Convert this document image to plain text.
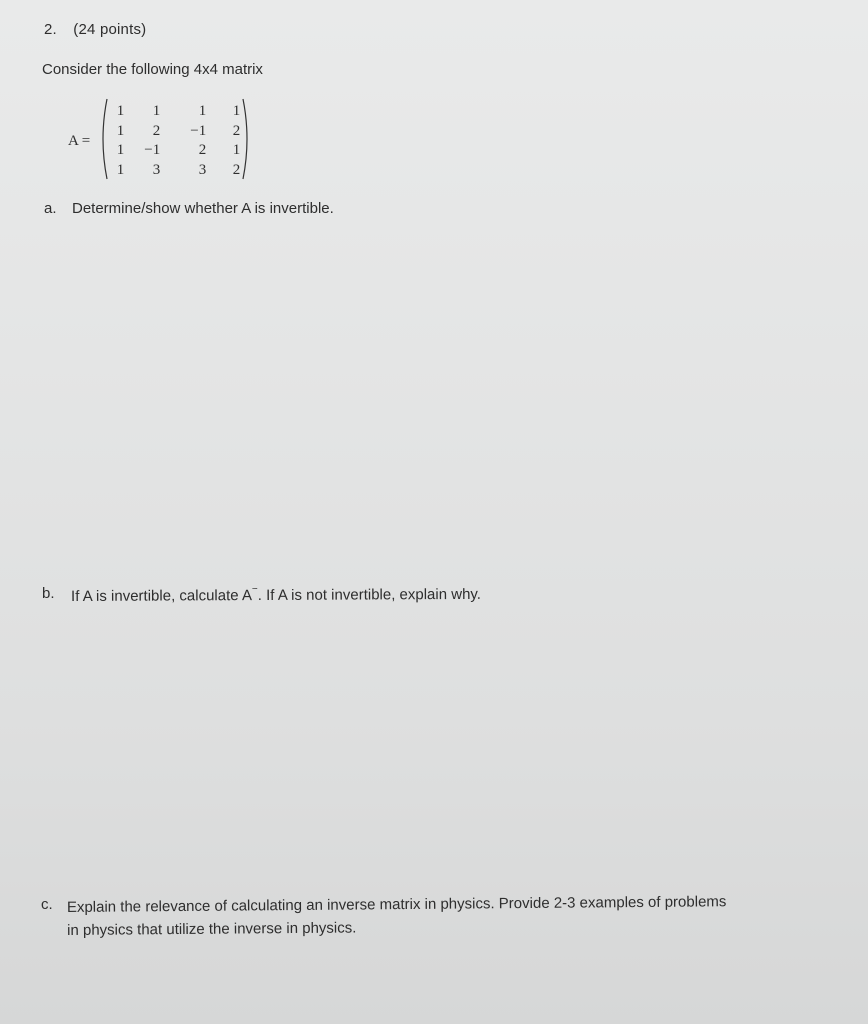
2. (24 points)
Consider the following 4x4 matrix
A =
1	1	1	1
1	2	−1	2
1	−1	2	1
1	3	3	2
a. Determine/show whether A is invertible.
b. If A is invertible, calculate A−. If A is not invertible, explain why.
c. Explain the relevance of calculating an inverse matrix in physics. Provide 2-3 examples of problems
in physics that utilize the inverse in physics.
